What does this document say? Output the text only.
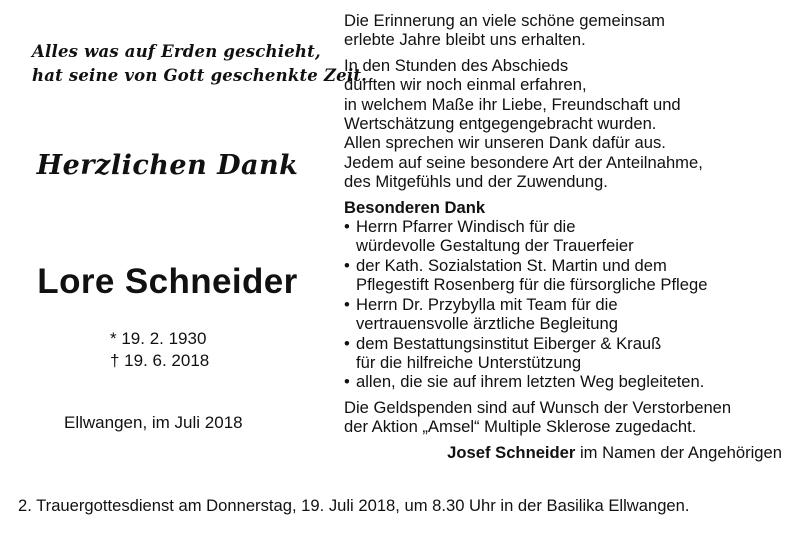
Alles was auf Erden geschieht,
hat seine von Gott geschenkte Zeit.
Herzlichen Dank
Lore Schneider
* 19. 2. 1930
† 19. 6. 2018
Ellwangen, im Juli 2018
Die Erinnerung an viele schöne gemeinsam
erlebte Jahre bleibt uns erhalten.
In den Stunden des Abschieds
durften wir noch einmal erfahren,
in welchem Maße ihr Liebe, Freundschaft und
Wertschätzung entgegengebracht wurden.
Allen sprechen wir unseren Dank dafür aus.
Jedem auf seine besondere Art der Anteilnahme,
des Mitgefühls und der Zuwendung.
Besonderen Dank
• Herrn Pfarrer Windisch für die
würdevolle Gestaltung der Trauerfeier
• der Kath. Sozialstation St. Martin und dem
Pflegestift Rosenberg für die fürsorgliche Pflege
• Herrn Dr. Przybylla mit Team für die
vertrauensvolle ärztliche Begleitung
• dem Bestattungsinstitut Eiberger & Krauß
für die hilfreiche Unterstützung
• allen, die sie auf ihrem letzten Weg begleiteten.
Die Geldspenden sind auf Wunsch der Verstorbenen
der Aktion „Amsel“ Multiple Sklerose zugedacht.
Josef Schneider im Namen der Angehörigen
2. Trauergottesdienst am Donnerstag, 19. Juli 2018, um 8.30 Uhr in der Basilika Ellwangen.
